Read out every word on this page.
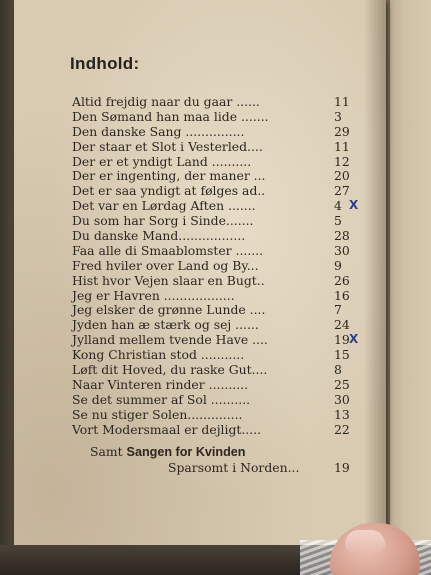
Indhold:
Altid frejdig naar du gaar ......	11
Den Sømand han maa lide .......	3
Den danske Sang ...............	29
Der staar et Slot i Vesterled....	11
Der er et yndigt Land ..........	12
Der er ingenting, der maner ...	20
Det er saa yndigt at følges ad..	27
Det var en Lørdag Aften .......	4 X
Du som har Sorg i Sinde.......	5
Du danske Mand.................	28
Faa alle di Smaablomster .......	30
Fred hviler over Land og By...	9
Hist hvor Vejen slaar en Bugt..	26
Jeg er Havren ..................	16
Jeg elsker de grønne Lunde ....	7
Jyden han æ stærk og sej ......	24
Jylland mellem tvende Have ....	19 X
Kong Christian stod ...........	15
Løft dit Hoved, du raske Gut....	8
Naar Vinteren rinder ..........	25
Se det summer af Sol ..........	30
Se nu stiger Solen..............	13
Vort Modersmaal er dejligt.....	22
Samt Sangen for Kvinden
Sparsomt i Norden...	19
